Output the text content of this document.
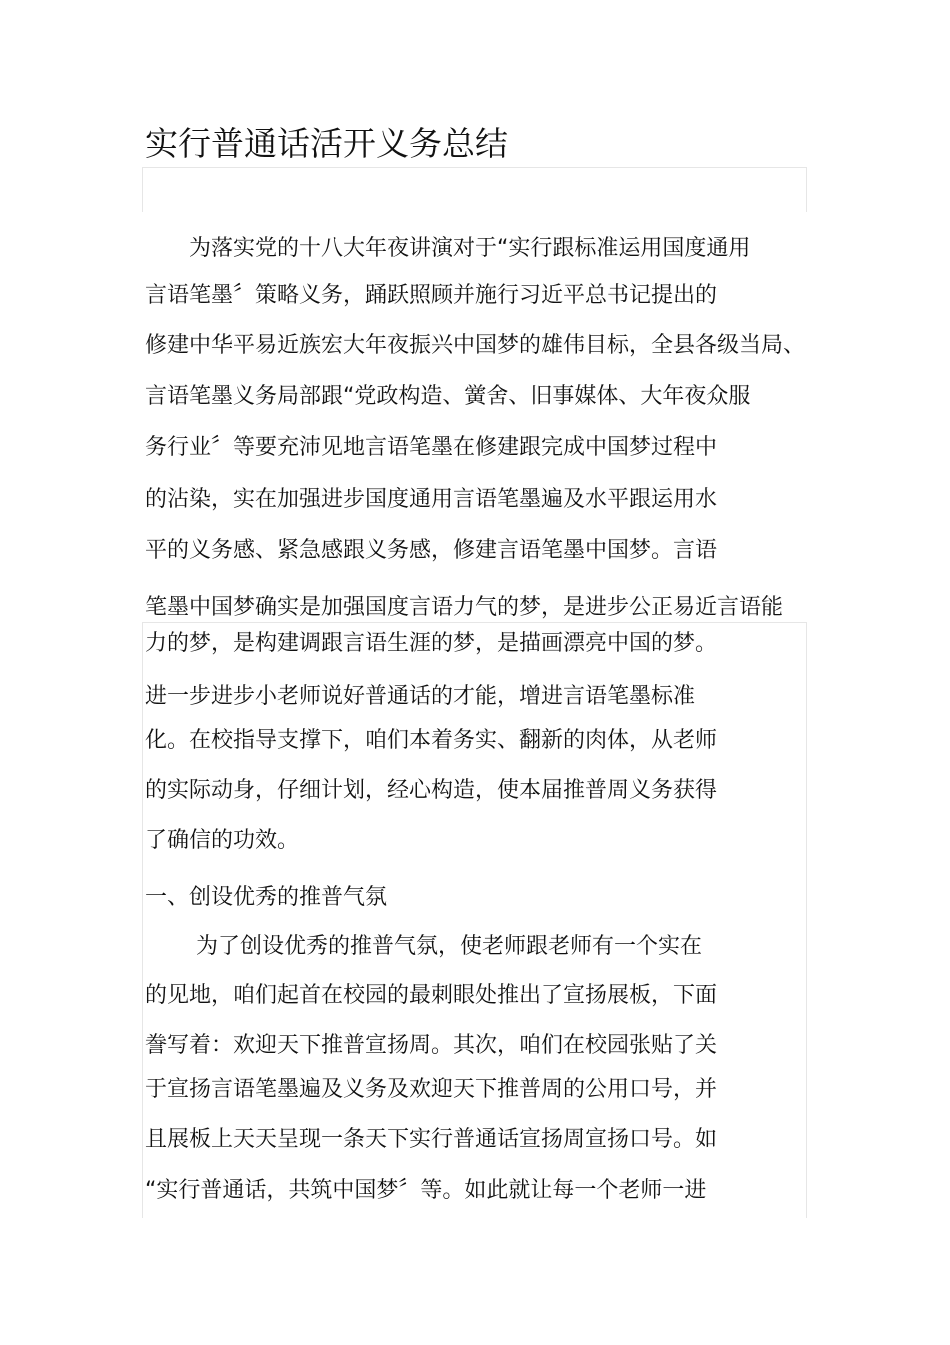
实行普通话活开义务总结
　　为落实党的十八大年夜讲演对于“实行跟标准运用国度通用
言语笔墨〞策略义务，踊跃照顾并施行习近平总书记提出的
修建中华平易近族宏大年夜振兴中国梦的雄伟目标，全县各级当局、
言语笔墨义务局部跟“党政构造、黉舍、旧事媒体、大年夜众服
务行业〞等要充沛见地言语笔墨在修建跟完成中国梦过程中
的沾染，实在加强进步国度通用言语笔墨遍及水平跟运用水
平的义务感、紧急感跟义务感，修建言语笔墨中国梦。言语
笔墨中国梦确实是加强国度言语力气的梦，是进步公正易近言语能
力的梦，是构建调跟言语生涯的梦，是描画漂亮中国的梦。
进一步进步小老师说好普通话的才能，增进言语笔墨标准
化。在校指导支撑下，咱们本着务实、翻新的肉体，从老师
的实际动身，仔细计划，经心构造，使本届推普周义务获得
了确信的功效。
一、创设优秀的推普气氛
　　 为了创设优秀的推普气氛，使老师跟老师有一个实在
的见地，咱们起首在校园的最刺眼处推出了宣扬展板，下面
誊写着：欢迎天下推普宣扬周。其次，咱们在校园张贴了关
于宣扬言语笔墨遍及义务及欢迎天下推普周的公用口号，并
且展板上天天呈现一条天下实行普通话宣扬周宣扬口号。如
“实行普通话，共筑中国梦〞等。如此就让每一个老师一进
